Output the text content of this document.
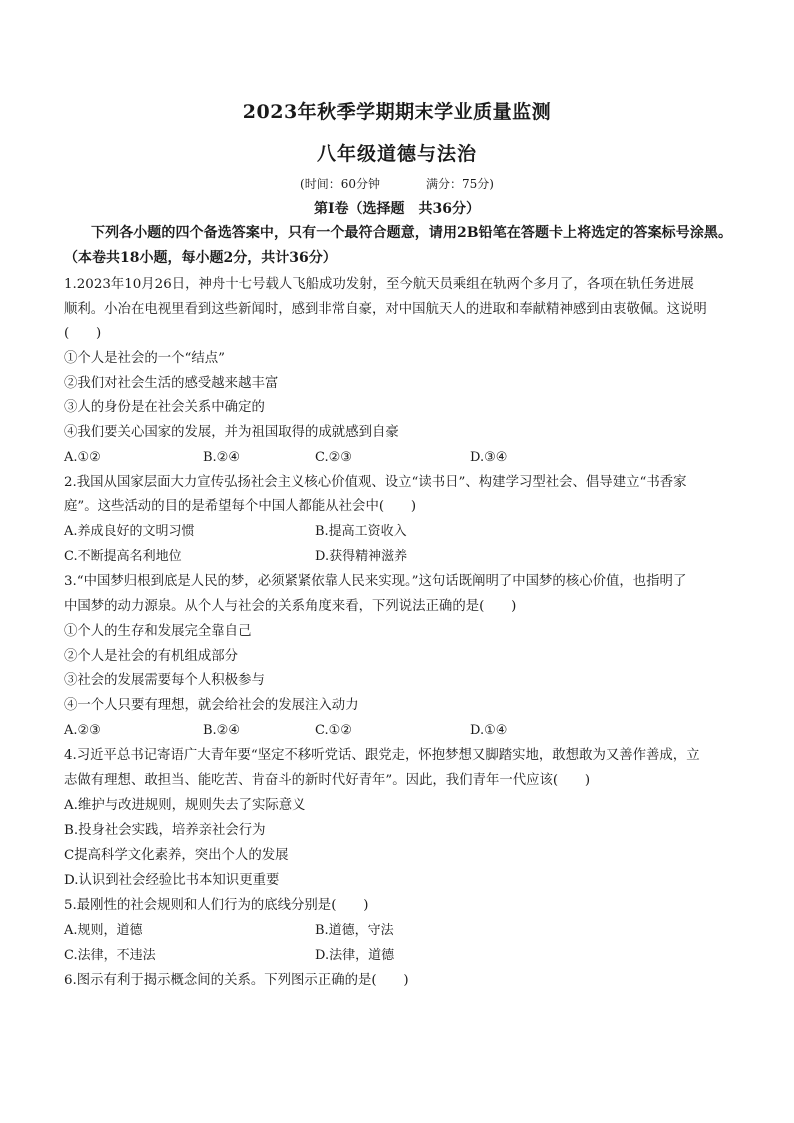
2023年秋季学期期末学业质量监测
八年级道德与法治
(时间：60分钟	满分：75分)
第Ⅰ卷（选择题　共36分）
下列各小题的四个备选答案中，只有一个最符合题意，请用2B铅笔在答题卡上将选定的答案标号涂黑。（本卷共18小题，每小题2分，共计36分）
1.2023年10月26日，神舟十七号载人飞船成功发射，至今航天员乘组在轨两个多月了，各项在轨任务进展
顺利。小冶在电视里看到这些新闻时，感到非常自豪，对中国航天人的进取和奉献精神感到由衷敬佩。这说明
(　　)
①个人是社会的一个“结点”
②我们对社会生活的感受越来越丰富
③人的身份是在社会关系中确定的
④我们要关心国家的发展，并为祖国取得的成就感到自豪
A.①②	B.②④	C.②③	D.③④
2.我国从国家层面大力宣传弘扬社会主义核心价值观、设立“读书日”、构建学习型社会、倡导建立“书香家
庭”。这些活动的目的是希望每个中国人都能从社会中(　　)
A.养成良好的文明习惯	B.提高工资收入
C.不断提高名利地位	D.获得精神滋养
3.“中国梦归根到底是人民的梦，必须紧紧依靠人民来实现。”这句话既阐明了中国梦的核心价值，也指明了
中国梦的动力源泉。从个人与社会的关系角度来看，下列说法正确的是(　　)
①个人的生存和发展完全靠自己
②个人是社会的有机组成部分
③社会的发展需要每个人积极参与
④一个人只要有理想，就会给社会的发展注入动力
A.②③	B.②④	C.①②	D.①④
4.习近平总书记寄语广大青年要“坚定不移听党话、跟党走，怀抱梦想又脚踏实地，敢想敢为又善作善成，立
志做有理想、敢担当、能吃苦、肯奋斗的新时代好青年”。因此，我们青年一代应该(　　)
A.维护与改进规则，规则失去了实际意义
B.投身社会实践，培养亲社会行为
C提高科学文化素养，突出个人的发展
D.认识到社会经验比书本知识更重要
5.最刚性的社会规则和人们行为的底线分别是(　　)
A.规则，道德	B.道德，守法
C.法律，不违法	D.法律，道德
6.图示有利于揭示概念间的关系。下列图示正确的是(　　)
